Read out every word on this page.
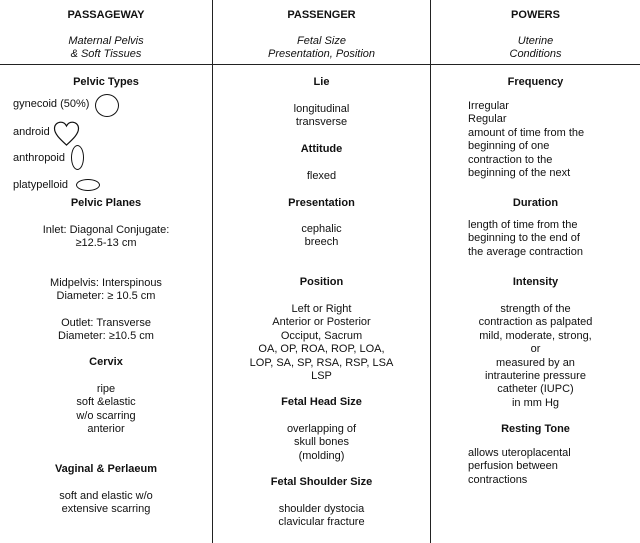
PASSAGEWAY
Maternal Pelvis
& Soft Tissues
Pelvic Types
gynecoid (50%)
android
anthropoid
platypelloid
Pelvic Planes
Inlet: Diagonal Conjugate:
≥12.5-13 cm
Midpelvis: Interspinous
Diameter: ≥ 10.5 cm
Outlet: Transverse
Diameter: ≥10.5 cm
Cervix
ripe
soft &elastic
w/o scarring
anterior
Vaginal & Perlaeum
soft and elastic w/o
extensive scarring
PASSENGER
Fetal Size
Presentation, Position
Lie
longitudinal
transverse
Attitude
flexed
Presentation
cephalic
breech
Position
Left or Right
Anterior or Posterior
Occiput, Sacrum
OA, OP, ROA, ROP, LOA,
LOP, SA, SP, RSA, RSP, LSA
LSP
Fetal Head Size
overlapping of
skull bones
(molding)
Fetal Shoulder Size
shoulder dystocia
clavicular fracture
POWERS
Uterine
Conditions
Frequency
Irregular
Regular
amount of time from the
beginning of one
contraction to the
beginning of the next
Duration
length of time from the
beginning to the end of
the average contraction
Intensity
strength of the
contraction as palpated
mild, moderate, strong,
or
measured by an
intrauterine pressure
catheter (IUPC)
in mm Hg
Resting Tone
allows uteroplacental
perfusion between
contractions
